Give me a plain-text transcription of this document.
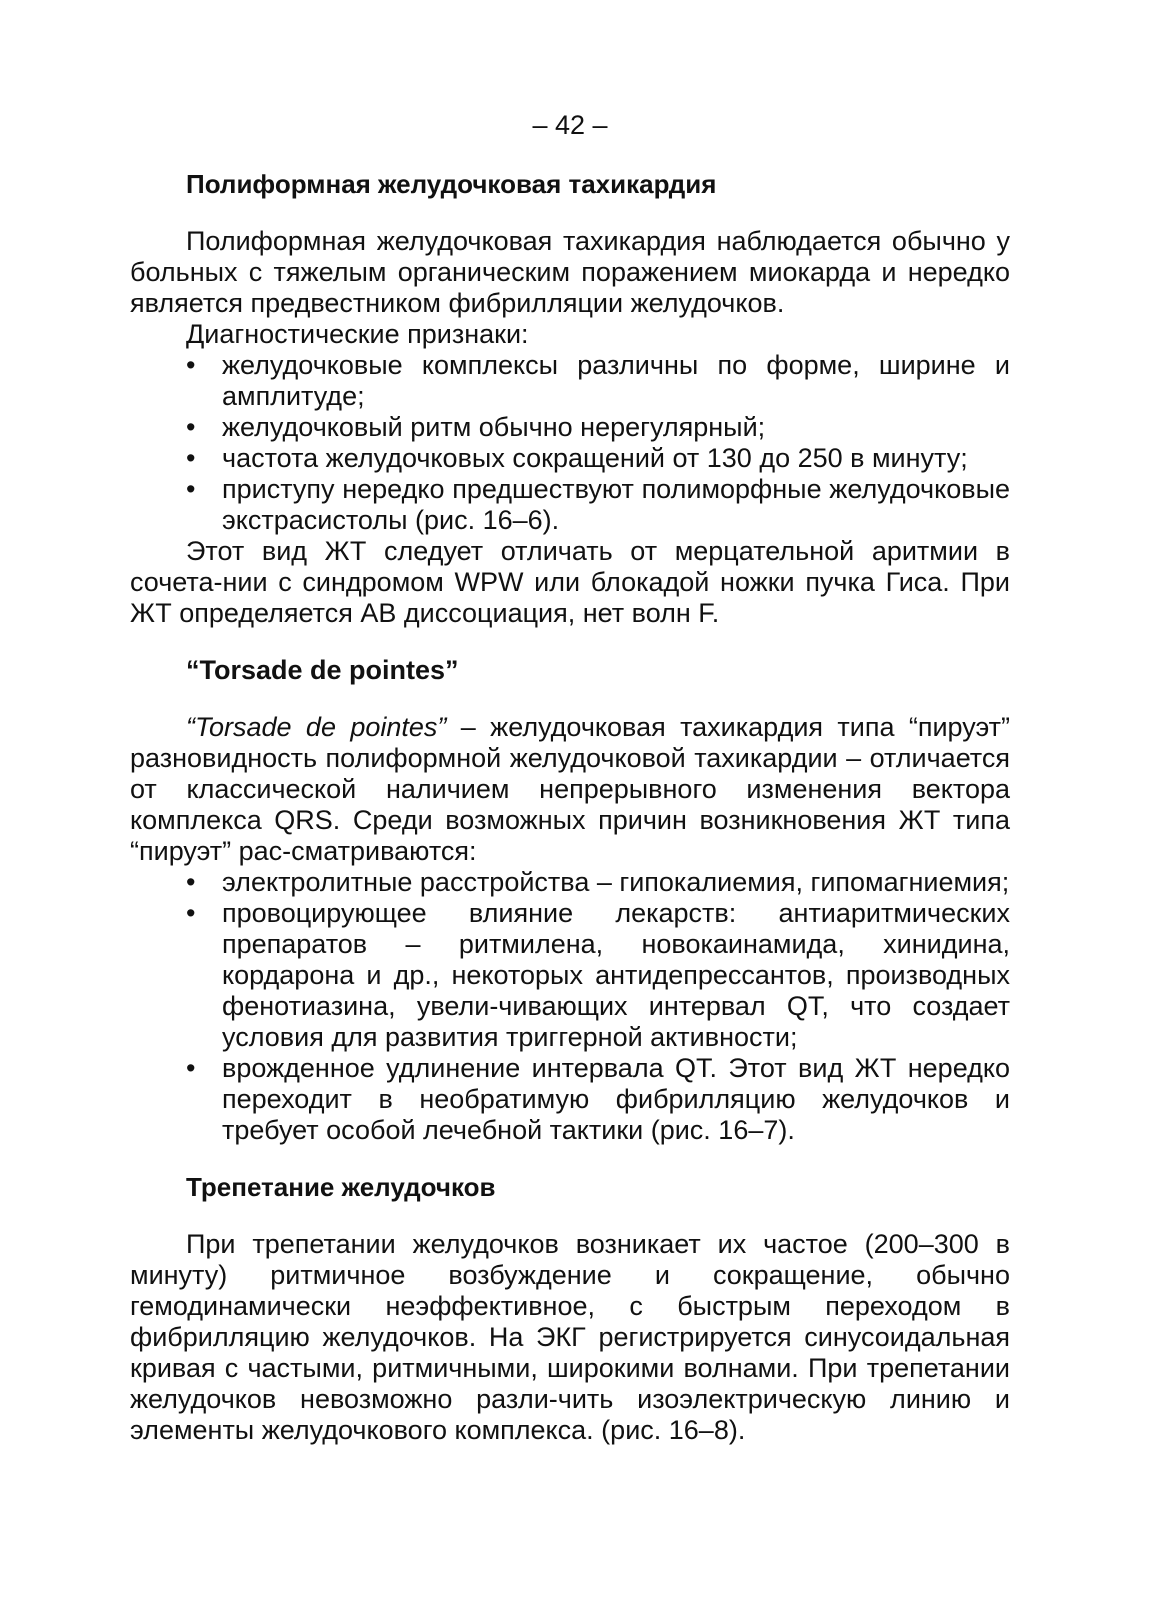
– 42 –
Полиформная желудочковая тахикардия

Полиформная желудочковая тахикардия наблюдается обычно у больных с тяжелым органическим поражением миокарда и нередко является предвестником фибрилляции желудочков.

Диагностические признаки:

• желудочковые комплексы различны по форме, ширине и амплитуде;
• желудочковый ритм обычно нерегулярный;
• частота желудочковых сокращений от 130 до 250 в минуту;
• приступу нередко предшествуют полиморфные желудочковые экстрасистолы (рис. 16–6).

Этот вид ЖТ следует отличать от мерцательной аритмии в сочета-нии с синдромом WPW или блокадой ножки пучка Гиса. При ЖТ определяется АВ диссоциация, нет волн F.

“Torsade de pointes”

“Torsade de pointes” – желудочковая тахикардия типа “пируэт” разновидность полиформной желудочковой тахикардии – отличается от классической наличием непрерывного изменения вектора комплекса QRS. Среди возможных причин возникновения ЖТ типа “пируэт” рас-сматриваются:

• электролитные расстройства – гипокалиемия, гипомагниемия;
• провоцирующее влияние лекарств: антиаритмических препаратов – ритмилена, новокаинамида, хинидина, кордарона и др., некоторых антидепрессантов, производных фенотиазина, увели-чивающих интервал QT, что создает условия для развития триггерной активности;
• врожденное удлинение интервала QT. Этот вид ЖТ нередко переходит в необратимую фибрилляцию желудочков и требует особой лечебной тактики (рис. 16–7).
Трепетание желудочков

При трепетании желудочков возникает их частое (200–300 в минуту) ритмичное возбуждение и сокращение, обычно гемодинамически неэффективное, с быстрым переходом в фибрилляцию желудочков. На ЭКГ регистрируется синусоидальная кривая с частыми, ритмичными, широкими волнами. При трепетании желудочков невозможно разли-чить изоэлектрическую линию и элементы желудочкового комплекса. (рис. 16–8).
